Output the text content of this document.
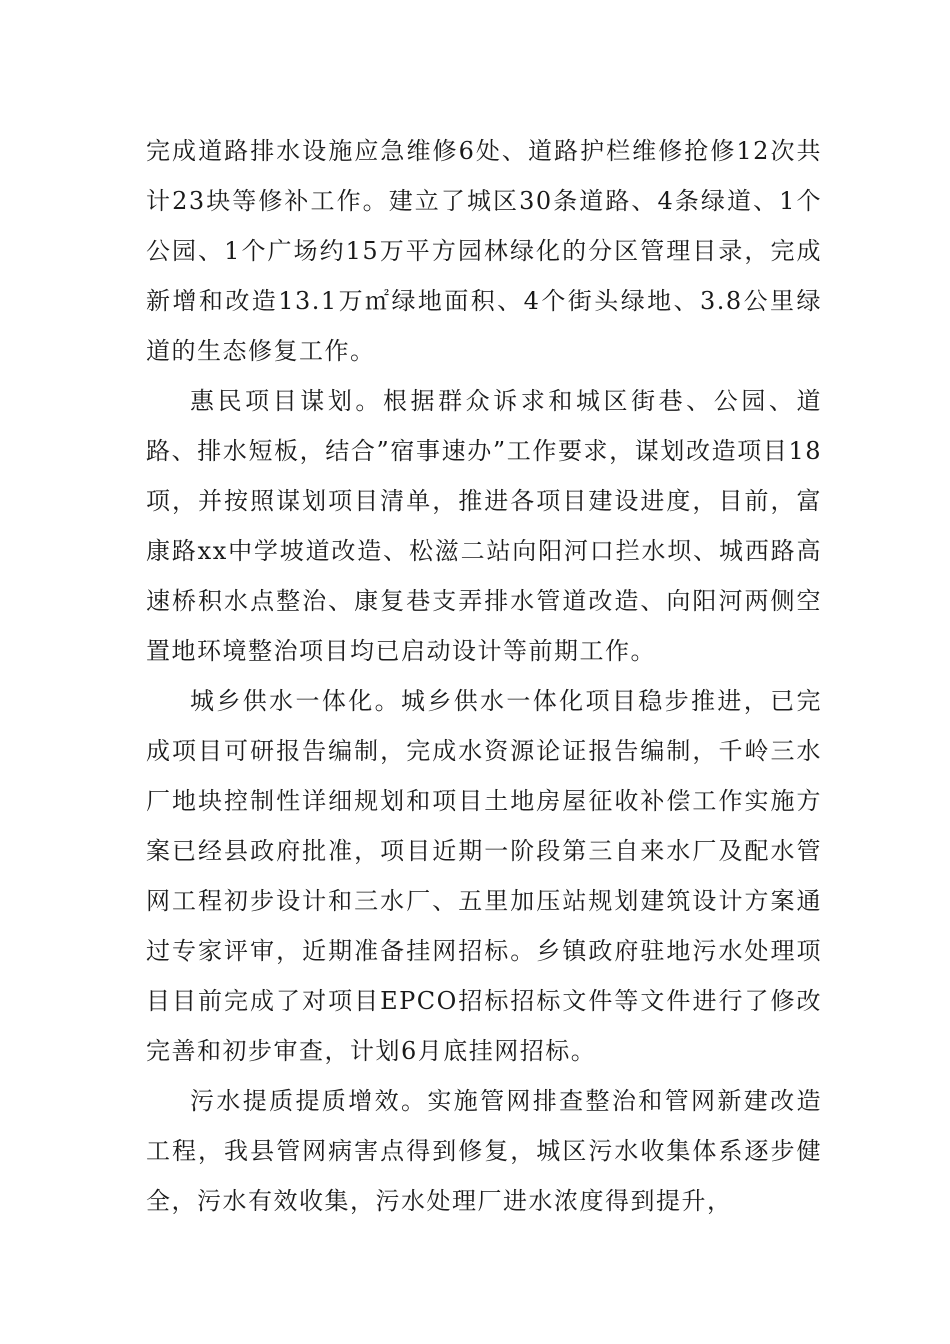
完成道路排水设施应急维修6处、道路护栏维修抢修12次共计23块等修补工作。建立了城区30条道路、4条绿道、1个公园、1个广场约15万平方园林绿化的分区管理目录，完成新增和改造13.1万㎡绿地面积、4个街头绿地、3.8公里绿道的生态修复工作。

惠民项目谋划。根据群众诉求和城区街巷、公园、道路、排水短板，结合”宿事速办”工作要求，谋划改造项目18项，并按照谋划项目清单，推进各项目建设进度，目前，富康路xx中学坡道改造、松滋二站向阳河口拦水坝、城西路高速桥积水点整治、康复巷支弄排水管道改造、向阳河两侧空置地环境整治项目均已启动设计等前期工作。

城乡供水一体化。城乡供水一体化项目稳步推进，已完成项目可研报告编制，完成水资源论证报告编制，千岭三水厂地块控制性详细规划和项目土地房屋征收补偿工作实施方案已经县政府批准，项目近期一阶段第三自来水厂及配水管网工程初步设计和三水厂、五里加压站规划建筑设计方案通过专家评审，近期准备挂网招标。乡镇政府驻地污水处理项目目前完成了对项目EPCO招标招标文件等文件进行了修改完善和初步审查，计划6月底挂网招标。

污水提质提质增效。实施管网排查整治和管网新建改造工程，我县管网病害点得到修复，城区污水收集体系逐步健全，污水有效收集，污水处理厂进水浓度得到提升，
